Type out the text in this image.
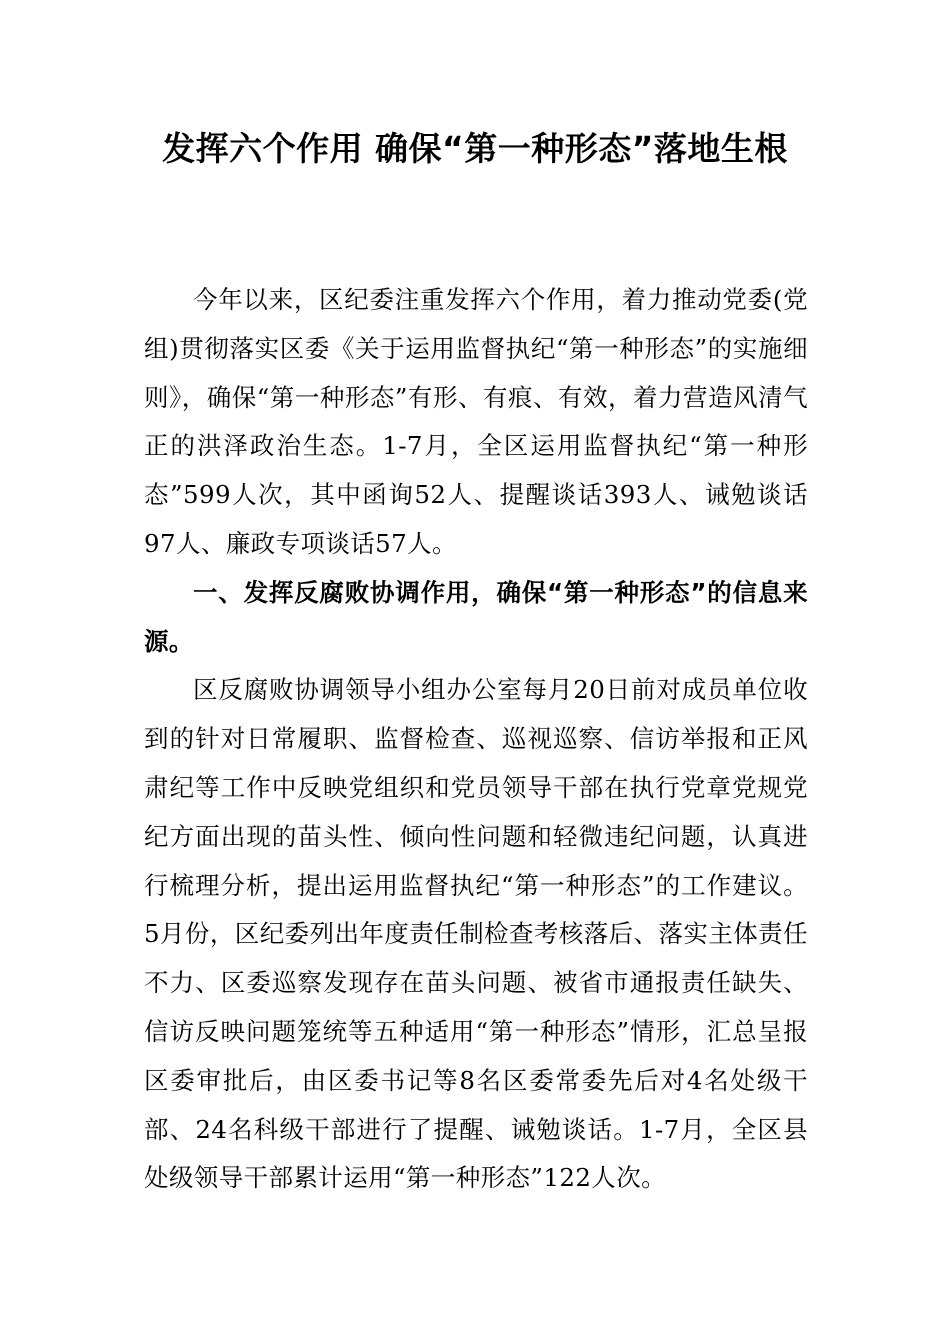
发挥六个作用 确保“第一种形态”落地生根

今年以来，区纪委注重发挥六个作用，着力推动党委(党组)贯彻落实区委《关于运用监督执纪“第一种形态”的实施细则》，确保“第一种形态”有形、有痕、有效，着力营造风清气正的洪泽政治生态。1-7月，全区运用监督执纪“第一种形态”599人次，其中函询52人、提醒谈话393人、诫勉谈话97人、廉政专项谈话57人。

一、发挥反腐败协调作用，确保“第一种形态”的信息来源。

区反腐败协调领导小组办公室每月20日前对成员单位收到的针对日常履职、监督检查、巡视巡察、信访举报和正风肃纪等工作中反映党组织和党员领导干部在执行党章党规党纪方面出现的苗头性、倾向性问题和轻微违纪问题，认真进行梳理分析，提出运用监督执纪“第一种形态”的工作建议。5月份，区纪委列出年度责任制检查考核落后、落实主体责任不力、区委巡察发现存在苗头问题、被省市通报责任缺失、信访反映问题笼统等五种适用“第一种形态”情形，汇总呈报区委审批后，由区委书记等8名区委常委先后对4名处级干部、24名科级干部进行了提醒、诫勉谈话。1-7月，全区县处级领导干部累计运用“第一种形态”122人次。
